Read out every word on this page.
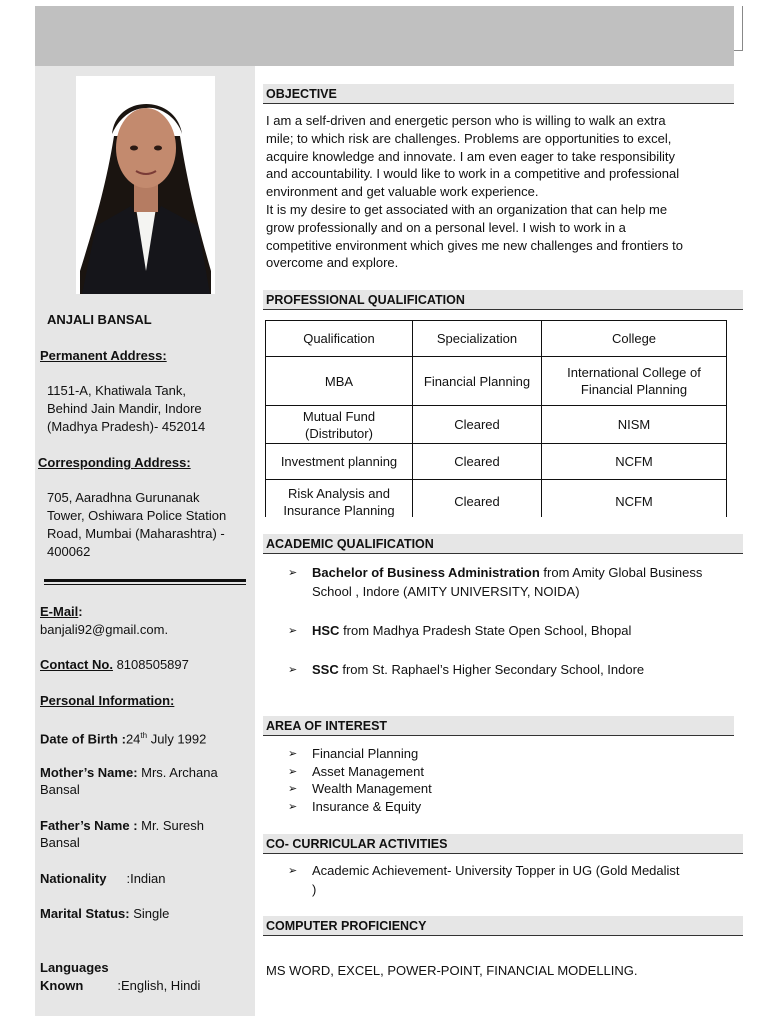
ANJALI BANSAL
Permanent Address:
1151-A, Khatiwala Tank,
Behind Jain Mandir, Indore
(Madhya Pradesh)- 452014
Corresponding Address:
705, Aaradhna Gurunanak
Tower, Oshiwara Police Station
Road, Mumbai (Maharashtra) -
400062
E-Mail:
banjali92@gmail.com.
Contact No. 8108505897
Personal Information:
Date of Birth :24th July 1992
Mother’s Name: Mrs. Archana
Bansal
Father’s Name : Mr. Suresh
Bansal
Nationality :Indian
Marital Status: Single
Languages
Known	:English, Hindi
OBJECTIVE
I am a self-driven and energetic person who is willing to walk an extra
mile; to which risk are challenges. Problems are opportunities to excel,
acquire knowledge and innovate. I am even eager to take responsibility
and accountability. I would like to work in a competitive and professional
environment and get valuable work experience.
It is my desire to get associated with an organization that can help me
grow professionally and on a personal level. I wish to work in a
competitive environment which gives me new challenges and frontiers to
overcome and explore.
PROFESSIONAL QUALIFICATION
Qualification	Specialization	College
MBA	Financial Planning	International College of Financial Planning
Mutual Fund (Distributor)	Cleared	NISM
Investment planning	Cleared	NCFM
Risk Analysis and Insurance Planning	Cleared	NCFM
ACADEMIC QUALIFICATION
➢ Bachelor of Business Administration from Amity Global Business
School , Indore (AMITY UNIVERSITY, NOIDA)
➢ HSC from Madhya Pradesh State Open School, Bhopal
➢ SSC from St. Raphael’s Higher Secondary School, Indore
AREA OF INTEREST
➢ Financial Planning
➢ Asset Management
➢ Wealth Management
➢ Insurance & Equity
CO- CURRICULAR ACTIVITIES
➢ Academic Achievement- University Topper in UG (Gold Medalist
)
COMPUTER PROFICIENCY
MS WORD, EXCEL, POWER-POINT, FINANCIAL MODELLING.
